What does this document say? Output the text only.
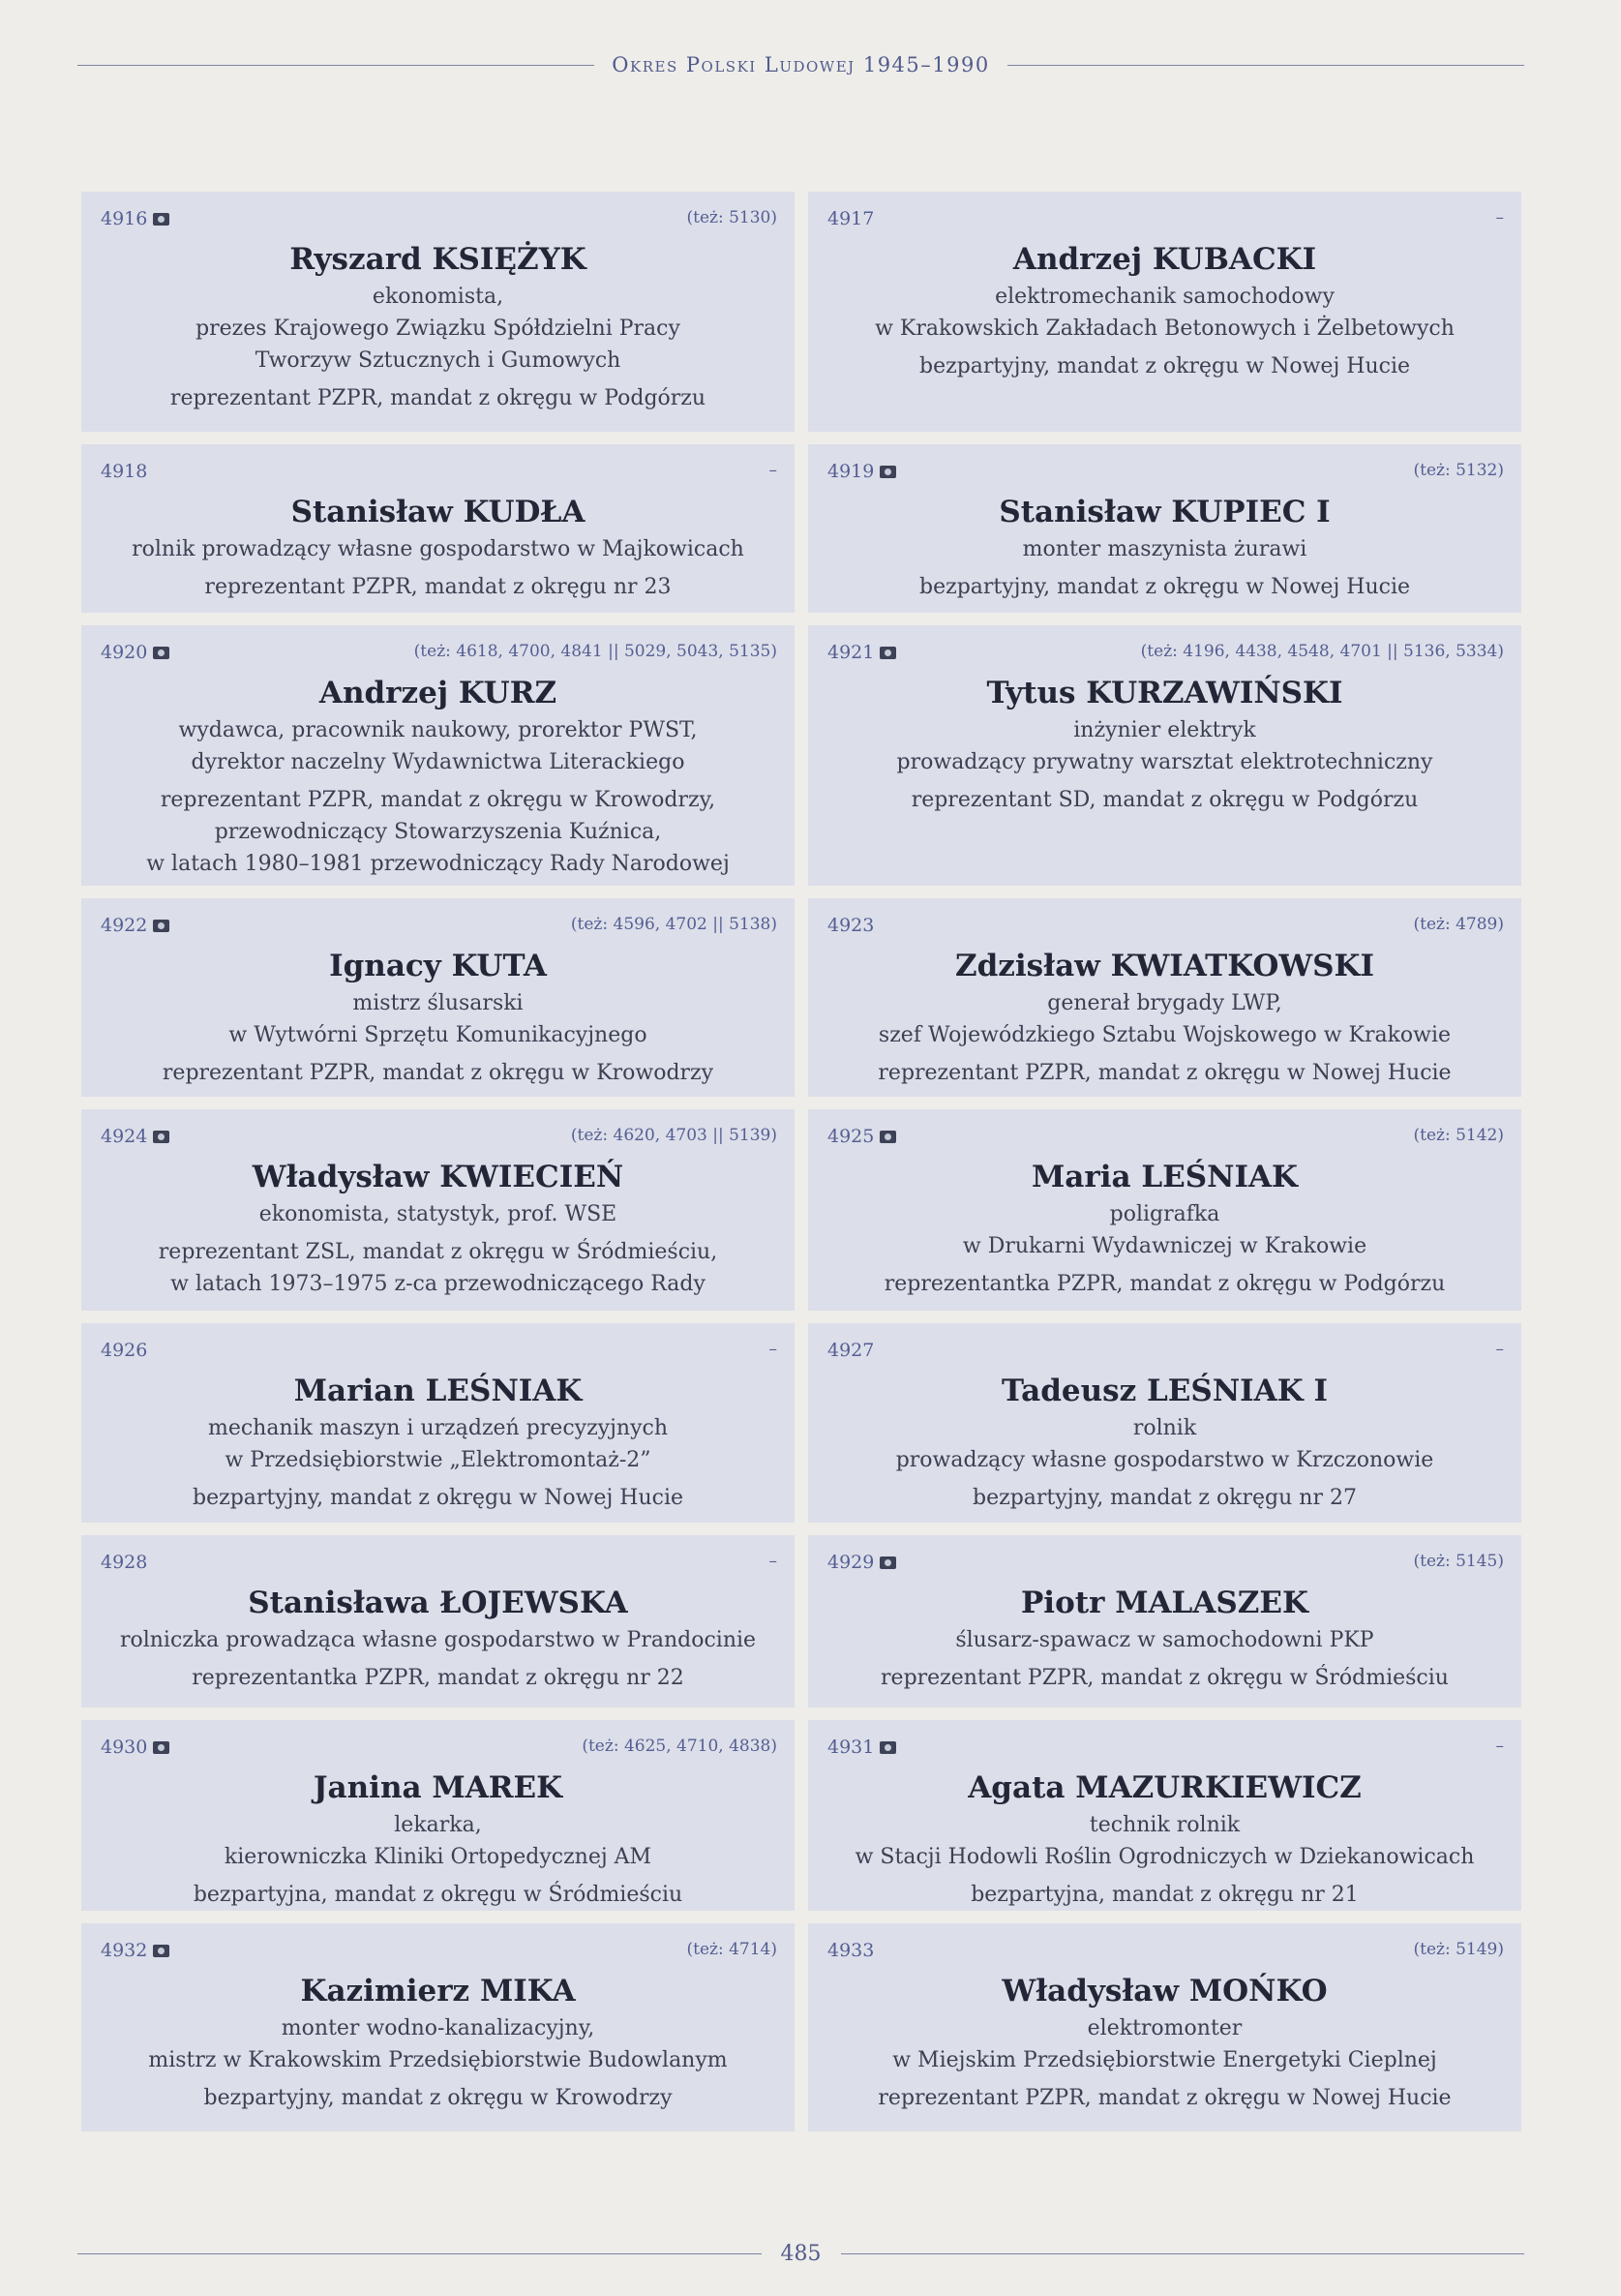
Okres Polski Ludowej 1945–1990
4916	(też: 5130)
Ryszard KSIĘŻYK
ekonomista,
prezes Krajowego Związku Spółdzielni Pracy
Tworzyw Sztucznych i Gumowych
reprezentant PZPR, mandat z okręgu w Podgórzu
4917	–
Andrzej KUBACKI
elektromechanik samochodowy
w Krakowskich Zakładach Betonowych i Żelbetowych
bezpartyjny, mandat z okręgu w Nowej Hucie
4918	–
Stanisław KUDŁA
rolnik prowadzący własne gospodarstwo w Majkowicach
reprezentant PZPR, mandat z okręgu nr 23
4919	(też: 5132)
Stanisław KUPIEC I
monter maszynista żurawi
bezpartyjny, mandat z okręgu w Nowej Hucie
4920	(też: 4618, 4700, 4841 || 5029, 5043, 5135)
Andrzej KURZ
wydawca, pracownik naukowy, prorektor PWST,
dyrektor naczelny Wydawnictwa Literackiego
reprezentant PZPR, mandat z okręgu w Krowodrzy,
przewodniczący Stowarzyszenia Kuźnica,
w latach 1980–1981 przewodniczący Rady Narodowej
4921	(też: 4196, 4438, 4548, 4701 || 5136, 5334)
Tytus KURZAWIŃSKI
inżynier elektryk
prowadzący prywatny warsztat elektrotechniczny
reprezentant SD, mandat z okręgu w Podgórzu
4922	(też: 4596, 4702 || 5138)
Ignacy KUTA
mistrz ślusarski
w Wytwórni Sprzętu Komunikacyjnego
reprezentant PZPR, mandat z okręgu w Krowodrzy
4923	(też: 4789)
Zdzisław KWIATKOWSKI
generał brygady LWP,
szef Wojewódzkiego Sztabu Wojskowego w Krakowie
reprezentant PZPR, mandat z okręgu w Nowej Hucie
4924	(też: 4620, 4703 || 5139)
Władysław KWIECIEŃ
ekonomista, statystyk, prof. WSE
reprezentant ZSL, mandat z okręgu w Śródmieściu,
w latach 1973–1975 z-ca przewodniczącego Rady
4925	(też: 5142)
Maria LEŚNIAK
poligrafka
w Drukarni Wydawniczej w Krakowie
reprezentantka PZPR, mandat z okręgu w Podgórzu
4926	–
Marian LEŚNIAK
mechanik maszyn i urządzeń precyzyjnych
w Przedsiębiorstwie „Elektromontaż-2”
bezpartyjny, mandat z okręgu w Nowej Hucie
4927	–
Tadeusz LEŚNIAK I
rolnik
prowadzący własne gospodarstwo w Krzczonowie
bezpartyjny, mandat z okręgu nr 27
4928	–
Stanisława ŁOJEWSKA
rolniczka prowadząca własne gospodarstwo w Prandocinie
reprezentantka PZPR, mandat z okręgu nr 22
4929	(też: 5145)
Piotr MALASZEK
ślusarz-spawacz w samochodowni PKP
reprezentant PZPR, mandat z okręgu w Śródmieściu
4930	(też: 4625, 4710, 4838)
Janina MAREK
lekarka,
kierowniczka Kliniki Ortopedycznej AM
bezpartyjna, mandat z okręgu w Śródmieściu
4931	–
Agata MAZURKIEWICZ
technik rolnik
w Stacji Hodowli Roślin Ogrodniczych w Dziekanowicach
bezpartyjna, mandat z okręgu nr 21
4932	(też: 4714)
Kazimierz MIKA
monter wodno-kanalizacyjny,
mistrz w Krakowskim Przedsiębiorstwie Budowlanym
bezpartyjny, mandat z okręgu w Krowodrzy
4933	(też: 5149)
Władysław MOŃKO
elektromonter
w Miejskim Przedsiębiorstwie Energetyki Cieplnej
reprezentant PZPR, mandat z okręgu w Nowej Hucie
485
